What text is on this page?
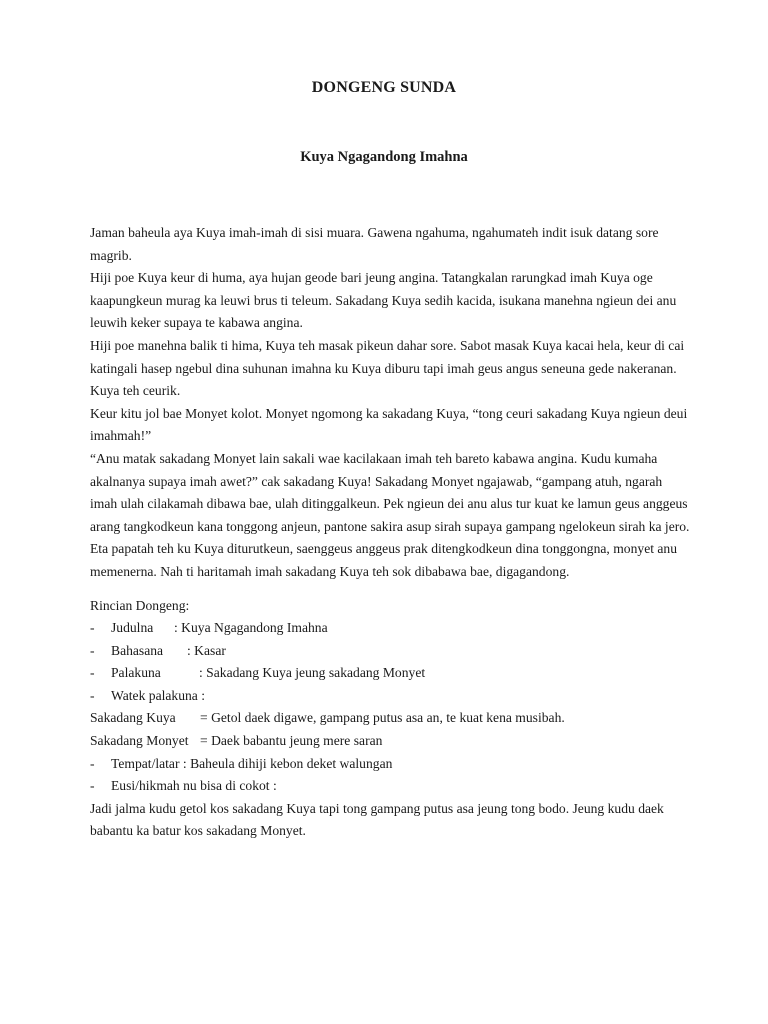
DONGENG SUNDA
Kuya Ngagandong Imahna

Jaman baheula aya Kuya imah-imah di sisi muara. Gawena ngahuma, ngahumateh indit isuk datang sore magrib.

Hiji poe Kuya keur di huma, aya hujan geode bari jeung angina. Tatangkalan rarungkad imah Kuya oge kaapungkeun murag ka leuwi brus ti teleum. Sakadang Kuya sedih kacida, isukana manehna ngieun dei anu leuwih keker supaya te kabawa angina.

Hiji poe manehna balik ti hima, Kuya teh masak pikeun dahar sore. Sabot masak Kuya kacai hela, keur di cai katingali hasep ngebul dina suhunan imahna ku Kuya diburu tapi imah geus angus seneuna gede nakeranan. Kuya teh ceurik.

Keur kitu jol bae Monyet kolot. Monyet ngomong ka sakadang Kuya, “tong ceuri sakadang Kuya ngieun deui imahmah!”

“Anu matak sakadang Monyet lain sakali wae kacilakaan imah teh bareto kabawa angina. Kudu kumaha akalnanya supaya imah awet?” cak sakadang Kuya! Sakadang Monyet ngajawab, “gampang atuh, ngarah imah ulah cilakamah dibawa bae, ulah ditinggalkeun. Pek ngieun dei anu alus tur kuat ke lamun geus anggeus arang tangkodkeun kana tonggong anjeun, pantone sakira asup sirah supaya gampang ngelokeun sirah ka jero.

Eta papatah teh ku Kuya diturutkeun, saenggeus anggeus prak ditengkodkeun dina tonggongna, monyet anu memenerna. Nah ti haritamah imah sakadang Kuya teh sok dibabawa bae, digagandong.

Rincian Dongeng:

-	Judulna	: Kuya Ngagandong Imahna
-	Bahasana	: Kasar
-	Palakuna	: Sakadang Kuya jeung sakadang Monyet
-	Watek palakuna :
Sakadang Kuya	= Getol daek digawe, gampang putus asa an, te kuat kena musibah.
Sakadang Monyet = Daek babantu jeung mere saran
-	Tempat/latar : Baheula dihiji kebon deket walungan
-	Eusi/hikmah nu bisa di cokot :

Jadi jalma kudu getol kos sakadang Kuya tapi tong gampang putus asa jeung tong bodo. Jeung kudu daek babantu ka batur kos sakadang Monyet.
